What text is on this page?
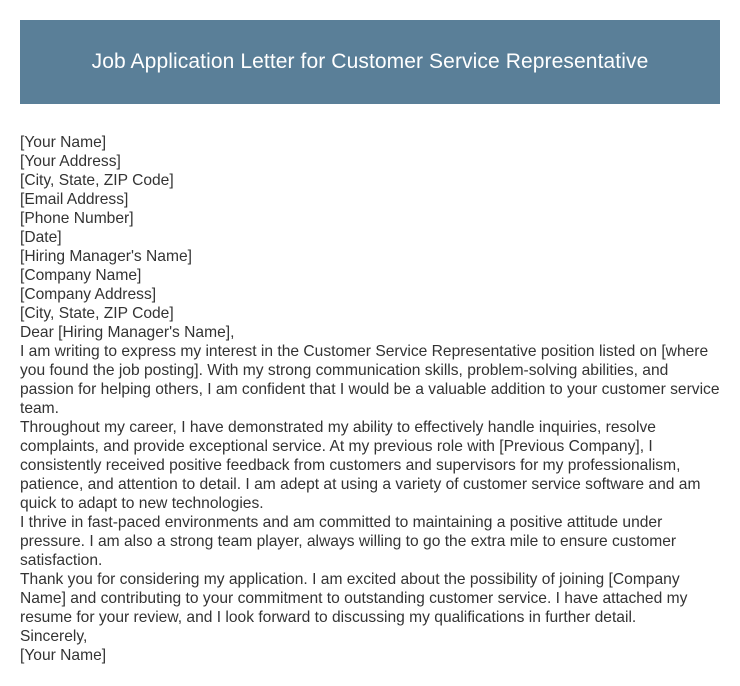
Job Application Letter for Customer Service Representative
[Your Name]
[Your Address]
[City, State, ZIP Code]
[Email Address]
[Phone Number]
[Date]
[Hiring Manager's Name]
[Company Name]
[Company Address]
[City, State, ZIP Code]
Dear [Hiring Manager's Name],

I am writing to express my interest in the Customer Service Representative position listed on [where you found the job posting]. With my strong communication skills, problem-solving abilities, and passion for helping others, I am confident that I would be a valuable addition to your customer service team.

Throughout my career, I have demonstrated my ability to effectively handle inquiries, resolve complaints, and provide exceptional service. At my previous role with [Previous Company], I consistently received positive feedback from customers and supervisors for my professionalism, patience, and attention to detail. I am adept at using a variety of customer service software and am quick to adapt to new technologies.

I thrive in fast-paced environments and am committed to maintaining a positive attitude under pressure. I am also a strong team player, always willing to go the extra mile to ensure customer satisfaction.

Thank you for considering my application. I am excited about the possibility of joining [Company Name] and contributing to your commitment to outstanding customer service. I have attached my resume for your review, and I look forward to discussing my qualifications in further detail.

Sincerely,
[Your Name]
